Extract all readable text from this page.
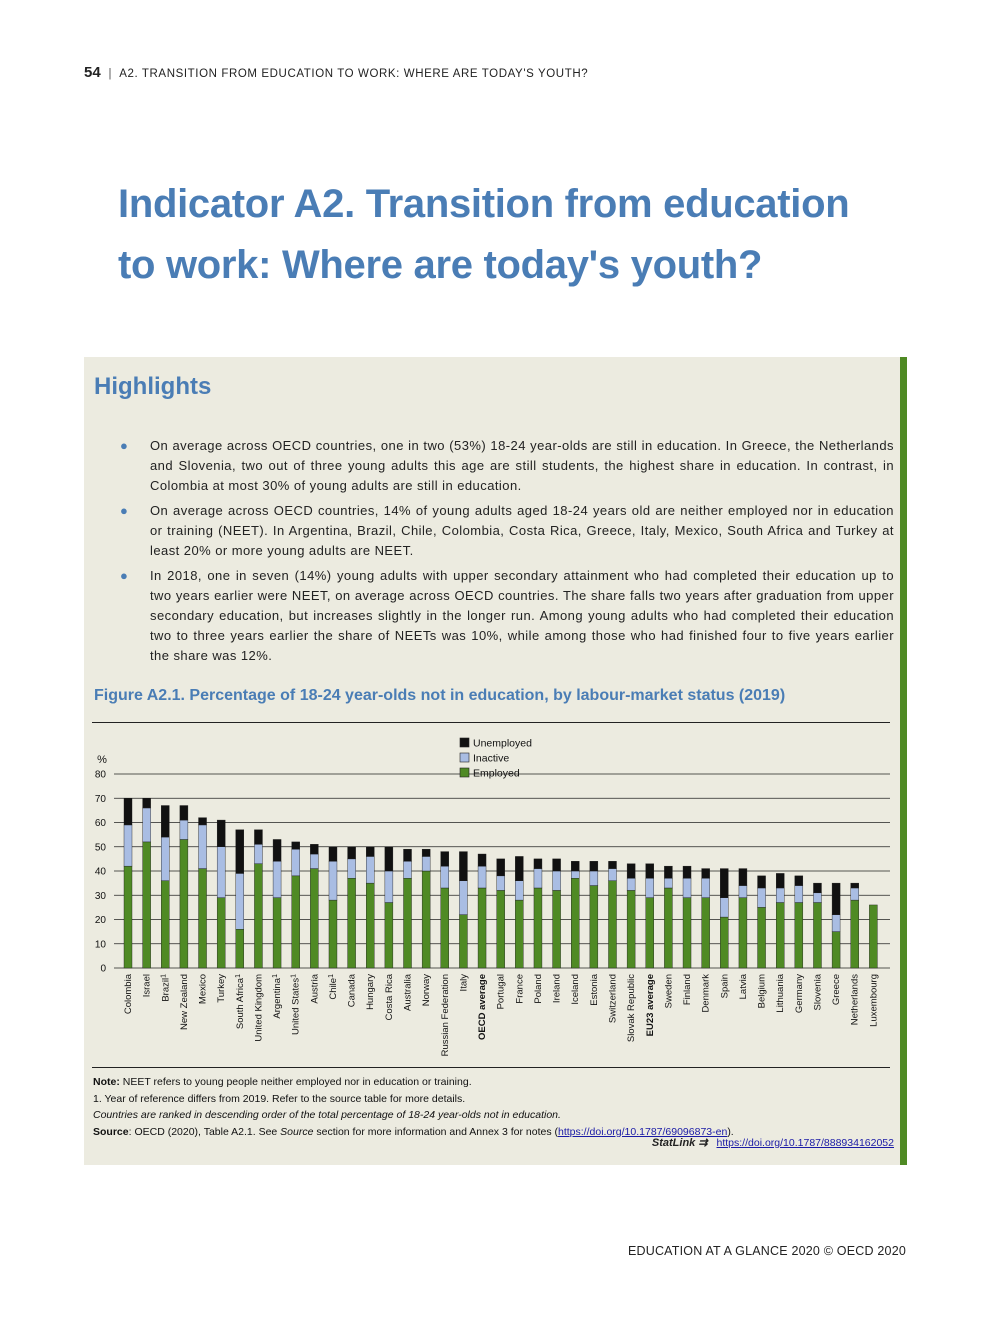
54 | A2. TRANSITION FROM EDUCATION TO WORK: WHERE ARE TODAY'S YOUTH?
Indicator A2. Transition from education
to work: Where are today's youth?
Highlights
● On average across OECD countries, one in two (53%) 18-24 year-olds are still in education. In Greece, the Netherlands and Slovenia, two out of three young adults this age are still students, the highest share in education. In contrast, in Colombia at most 30% of young adults are still in education.
● On average across OECD countries, 14% of young adults aged 18-24 years old are neither employed nor in education or training (NEET). In Argentina, Brazil, Chile, Colombia, Costa Rica, Greece, Italy, Mexico, South Africa and Turkey at least 20% or more young adults are NEET.
● In 2018, one in seven (14%) young adults with upper secondary attainment who had completed their education up to two years earlier were NEET, on average across OECD countries. The share falls two years after graduation from upper secondary education, but increases slightly in the longer run. Among young adults who had completed their education two to three years earlier the share of NEETs was 10%, while among those who had finished four to five years earlier the share was 12%.
Figure A2.1. Percentage of 18-24 year-olds not in education, by labour-market status (2019)
0
10
20
30
40
50
60
70
80
%
Unemployed
Inactive
Employed
Colombia Israel Brazil$^1$	New Zealand Mexico Turkey South Africa$^1$	United Kingdom Argentina$^1$
United States$^1$	Austria Chile$^1$	Canada Hungary Costa Rica Australia Norway Russian Federation Italy OECD average Portugal France Poland Ireland Iceland Estonia Switzerland Slovak Republic EU23 average Sweden Finland Denmark Spain Latvia Belgium Lithuania Germany Slovenia Greece Netherlands Luxembourg
Note: NEET refers to young people neither employed nor in education or training.
1. Year of reference differs from 2019. Refer to the source table for more details.
Countries are ranked in descending order of the total percentage of 18-24 year-olds not in education.
Source: OECD (2020), Table A2.1. See Source section for more information and Annex 3 for notes (https://doi.org/10.1787/69096873-en).
StatLink ⇉ https://doi.org/10.1787/888934162052
EDUCATION AT A GLANCE 2020 © OECD 2020
